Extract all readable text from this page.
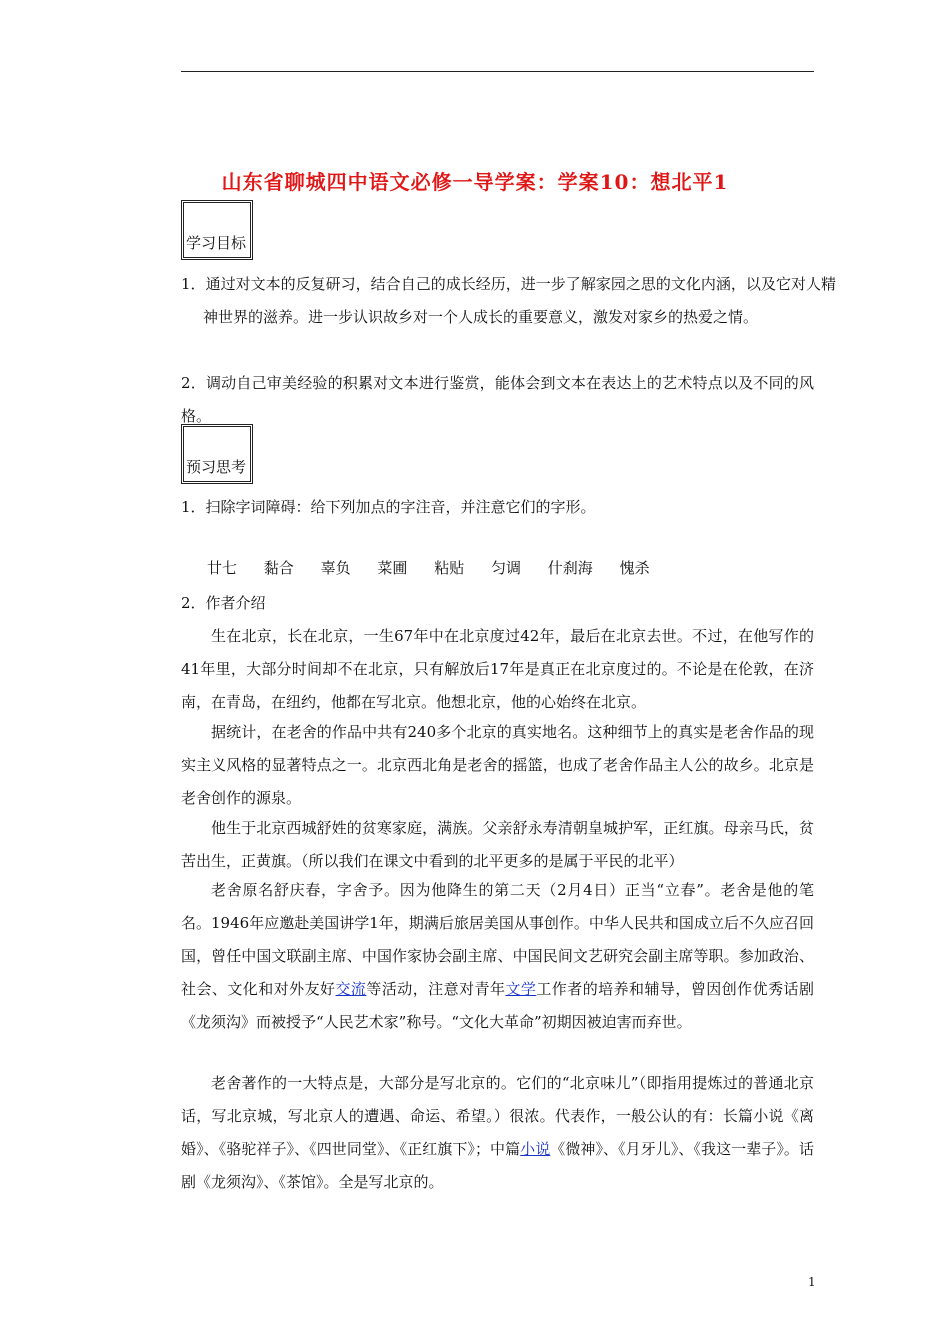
山东省聊城四中语文必修一导学案：学案10：想北平1
学习目标
1．通过对文本的反复研习，结合自己的成长经历，进一步了解家园之思的文化内涵，以及它对人精神世界的滋养。进一步认识故乡对一个人成长的重要意义，激发对家乡的热爱之情。
2．调动自己审美经验的积累对文本进行鉴赏，能体会到文本在表达上的艺术特点以及不同的风格。
预习思考
1．扫除字词障碍：给下列加点的字注音，并注意它们的字形。
廿七 黏合 辜负 菜圃 粘贴 匀调 什刹海 愧杀
2．作者介绍
生在北京，长在北京，一生67年中在北京度过42年，最后在北京去世。不过，在他写作的41年里，大部分时间却不在北京，只有解放后17年是真正在北京度过的。不论是在伦敦，在济南，在青岛，在纽约，他都在写北京。他想北京，他的心始终在北京。
据统计，在老舍的作品中共有240多个北京的真实地名。这种细节上的真实是老舍作品的现实主义风格的显著特点之一。北京西北角是老舍的摇篮，也成了老舍作品主人公的故乡。北京是老舍创作的源泉。
他生于北京西城舒姓的贫寒家庭，满族。父亲舒永寿清朝皇城护军，正红旗。母亲马氏，贫苦出生，正黄旗。（所以我们在课文中看到的北平更多的是属于平民的北平）
老舍原名舒庆春，字舍予。因为他降生的第二天（2月4日）正当“立春”。老舍是他的笔名。1946年应邀赴美国讲学1年，期满后旅居美国从事创作。中华人民共和国成立后不久应召回国，曾任中国文联副主席、中国作家协会副主席、中国民间文艺研究会副主席等职。参加政治、社会、文化和对外友好交流等活动，注意对青年文学工作者的培养和辅导，曾因创作优秀话剧《龙须沟》而被授予“人民艺术家”称号。“文化大革命”初期因被迫害而弃世。
老舍著作的一大特点是，大部分是写北京的。它们的“北京味儿”（即指用提炼过的普通北京话，写北京城，写北京人的遭遇、命运、希望。）很浓。代表作，一般公认的有：长篇小说《离婚》、《骆驼祥子》、《四世同堂》、《正红旗下》；中篇小说《微神》、《月牙儿》、《我这一辈子》。话剧《龙须沟》、《茶馆》。全是写北京的。
1
